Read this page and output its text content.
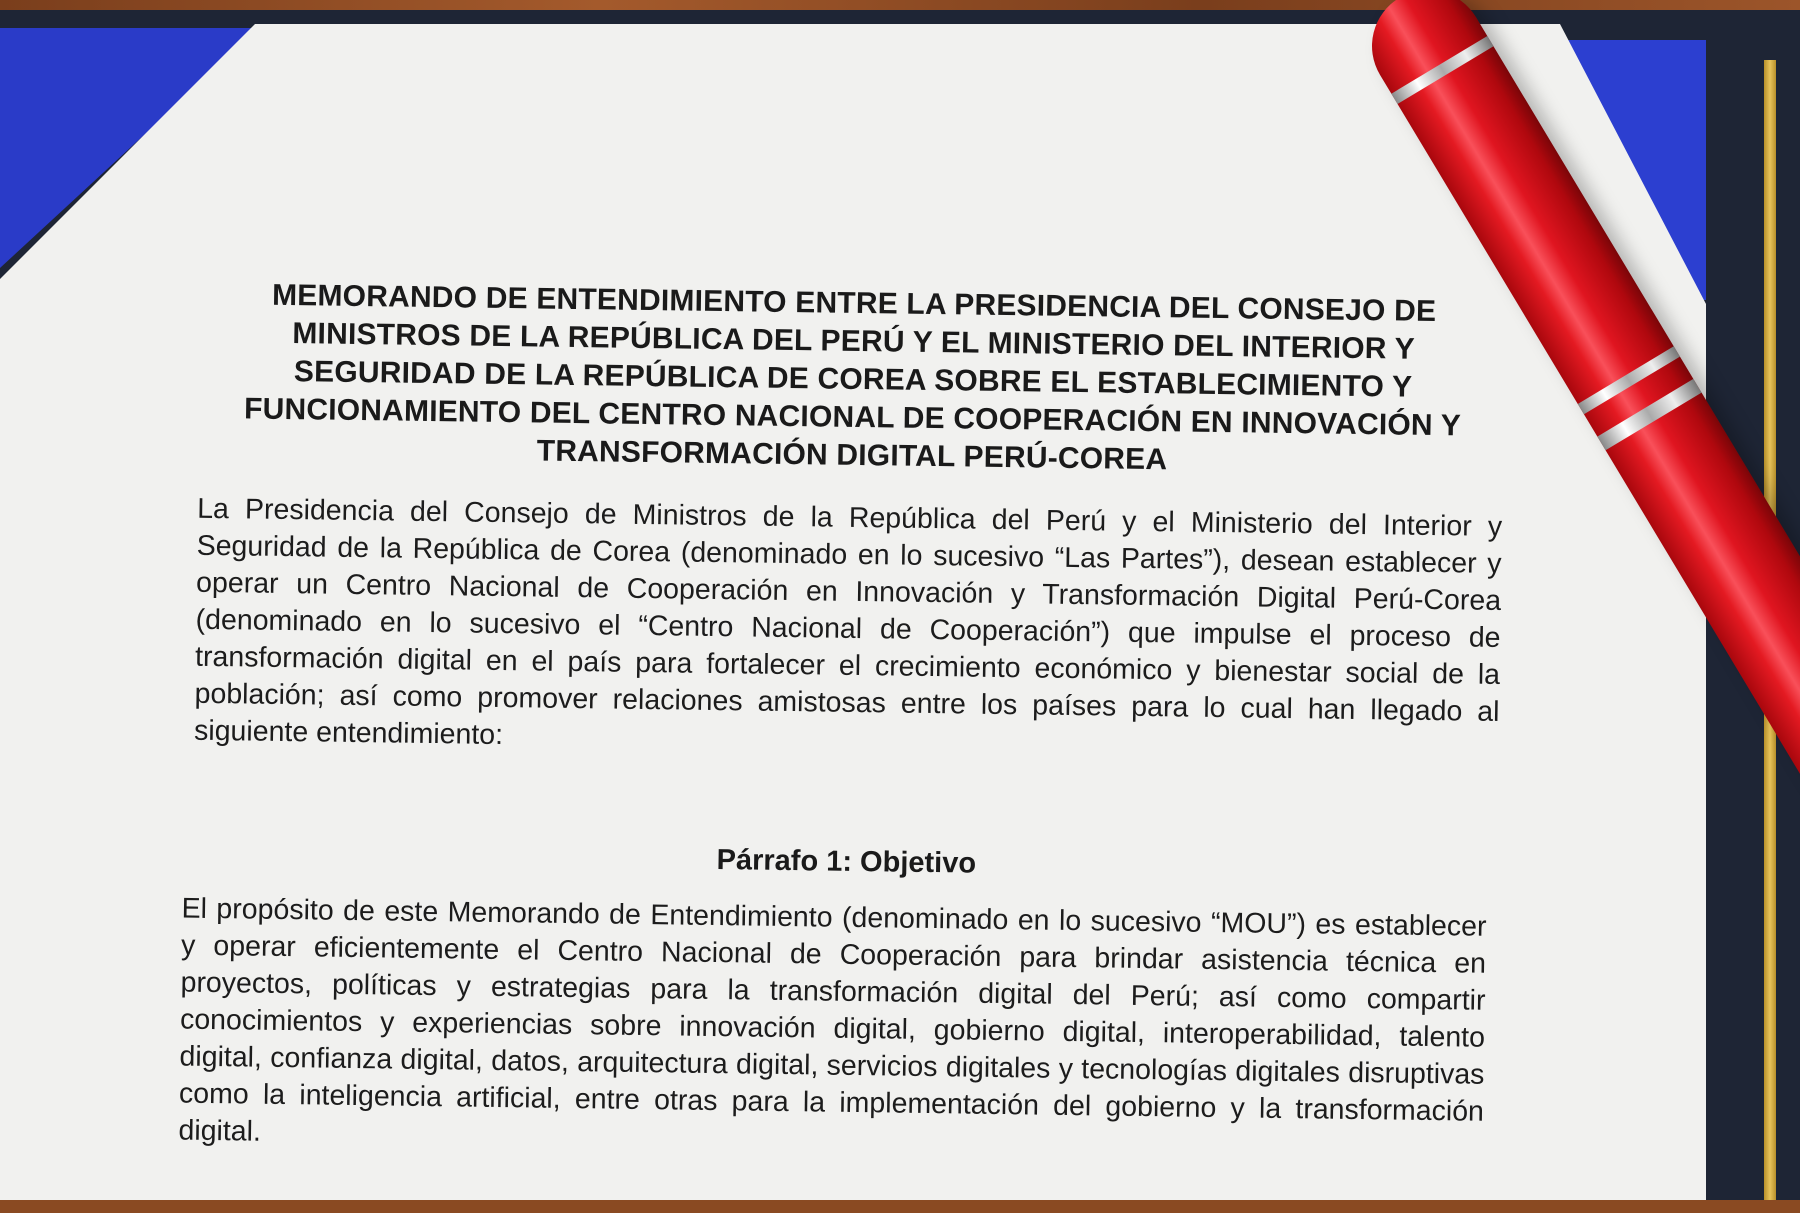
MEMORANDO DE ENTENDIMIENTO ENTRE LA PRESIDENCIA DEL CONSEJO DE MINISTROS DE LA REPÚBLICA DEL PERÚ Y EL MINISTERIO DEL INTERIOR Y SEGURIDAD DE LA REPÚBLICA DE COREA SOBRE EL ESTABLECIMIENTO Y FUNCIONAMIENTO DEL CENTRO NACIONAL DE COOPERACIÓN EN INNOVACIÓN Y TRANSFORMACIÓN DIGITAL PERÚ-COREA
La Presidencia del Consejo de Ministros de la República del Perú y el Ministerio del Interior y Seguridad de la República de Corea (denominado en lo sucesivo “Las Partes”), desean establecer y operar un Centro Nacional de Cooperación en Innovación y Transformación Digital Perú-Corea (denominado en lo sucesivo el “Centro Nacional de Cooperación”) que impulse el proceso de transformación digital en el país para fortalecer el crecimiento económico y bienestar social de la población; así como promover relaciones amistosas entre los países para lo cual han llegado al siguiente entendimiento:
Párrafo 1: Objetivo
El propósito de este Memorando de Entendimiento (denominado en lo sucesivo “MOU”) es establecer y operar eficientemente el Centro Nacional de Cooperación para brindar asistencia técnica en proyectos, políticas y estrategias para la transformación digital del Perú; así como compartir conocimientos y experiencias sobre innovación digital, gobierno digital, interoperabilidad, talento digital, confianza digital, datos, arquitectura digital, servicios digitales y tecnologías digitales disruptivas como la inteligencia artificial, entre otras para la implementación del gobierno y la transformación digital.
